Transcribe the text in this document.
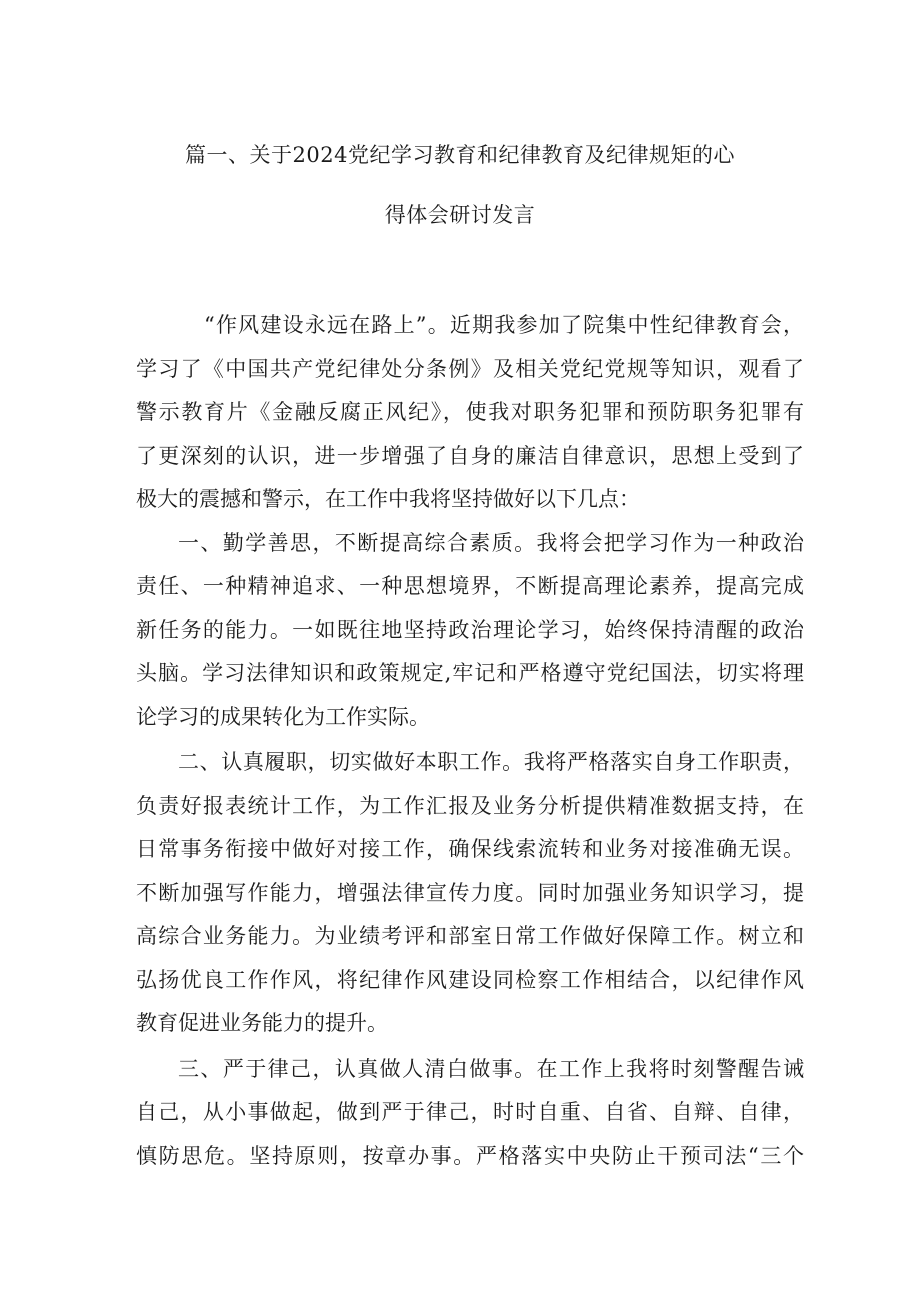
篇一、关于2024党纪学习教育和纪律教育及纪律规矩的心
得体会研讨发言
“作风建设永远在路上”。近期我参加了院集中性纪律教育会，
学习了《中国共产党纪律处分条例》及相关党纪党规等知识，观看了
警示教育片《金融反腐正风纪》，使我对职务犯罪和预防职务犯罪有
了更深刻的认识，进一步增强了自身的廉洁自律意识，思想上受到了
极大的震撼和警示，在工作中我将坚持做好以下几点：
一、勤学善思，不断提高综合素质。我将会把学习作为一种政治
责任、一种精神追求、一种思想境界，不断提高理论素养，提高完成
新任务的能力。一如既往地坚持政治理论学习，始终保持清醒的政治
头脑。学习法律知识和政策规定,牢记和严格遵守党纪国法，切实将理
论学习的成果转化为工作实际。
二、认真履职，切实做好本职工作。我将严格落实自身工作职责，
负责好报表统计工作，为工作汇报及业务分析提供精准数据支持，在
日常事务衔接中做好对接工作，确保线索流转和业务对接准确无误。
不断加强写作能力，增强法律宣传力度。同时加强业务知识学习，提
高综合业务能力。为业绩考评和部室日常工作做好保障工作。树立和
弘扬优良工作作风，将纪律作风建设同检察工作相结合，以纪律作风
教育促进业务能力的提升。
三、严于律己，认真做人清白做事。在工作上我将时刻警醒告诫
自己，从小事做起，做到严于律己，时时自重、自省、自辩、自律，
慎防思危。坚持原则，按章办事。严格落实中央防止干预司法“三个
